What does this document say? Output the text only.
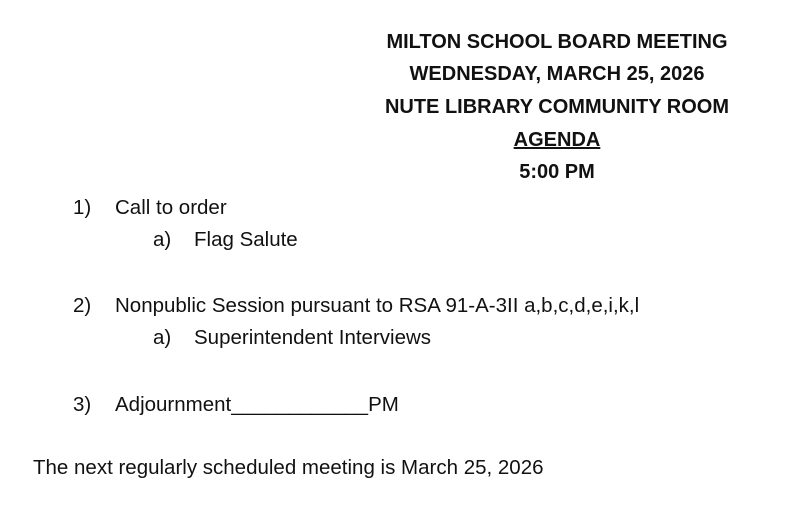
MILTON SCHOOL BOARD MEETING
WEDNESDAY, MARCH 25, 2026
NUTE LIBRARY COMMUNITY ROOM
AGENDA
5:00 PM
1) Call to order
a) Flag Salute
2) Nonpublic Session pursuant to RSA 91-A-3II a,b,c,d,e,i,k,l
a) Superintendent Interviews
3) Adjournment____________PM
The next regularly scheduled meeting is March 25, 2026
